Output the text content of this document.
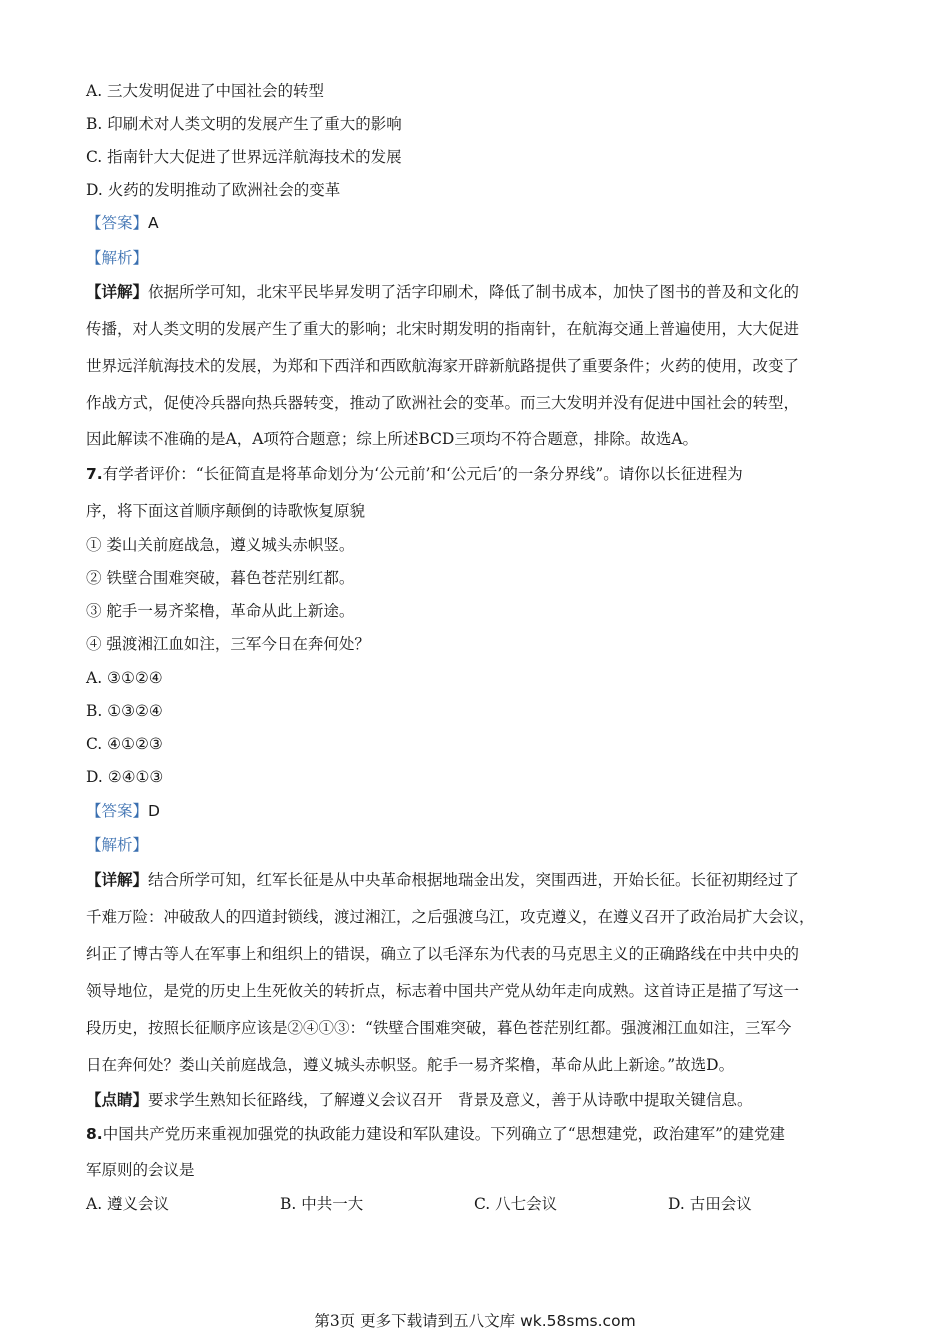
A. 三大发明促进了中国社会的转型
B. 印刷术对人类文明的发展产生了重大的影响
C. 指南针大大促进了世界远洋航海技术的发展
D. 火药的发明推动了欧洲社会的变革
【答案】A
【解析】
【详解】依据所学可知，北宋平民毕昇发明了活字印刷术，降低了制书成本，加快了图书的普及和文化的
传播，对人类文明的发展产生了重大的影响；北宋时期发明的指南针，在航海交通上普遍使用，大大促进
世界远洋航海技术的发展，为郑和下西洋和西欧航海家开辟新航路提供了重要条件；火药的使用，改变了
作战方式，促使冷兵器向热兵器转变，推动了欧洲社会的变革。而三大发明并没有促进中国社会的转型，
因此解读不准确的是A，A项符合题意；综上所述BCD三项均不符合题意，排除。故选A。
7.有学者评价：“长征简直是将革命划分为‘公元前’和‘公元后’的一条分界线”。请你以长征进程为
序，将下面这首顺序颠倒的诗歌恢复原貌
① 娄山关前庭战急，遵义城头赤帜竖。
② 铁壁合围难突破，暮色苍茫别红都。
③ 舵手一易齐桨橹，革命从此上新途。
④ 强渡湘江血如注，三军今日在奔何处？
A. ③①②④
B. ①③②④
C. ④①②③
D. ②④①③
【答案】D
【解析】
【详解】结合所学可知，红军长征是从中央革命根据地瑞金出发，突围西进，开始长征。长征初期经过了
千难万险：冲破敌人的四道封锁线，渡过湘江，之后强渡乌江，攻克遵义，在遵义召开了政治局扩大会议，
纠正了博古等人在军事上和组织上的错误，确立了以毛泽东为代表的马克思主义的正确路线在中共中央的
领导地位，是党的历史上生死攸关的转折点，标志着中国共产党从幼年走向成熟。这首诗正是描了写这一
段历史，按照长征顺序应该是②④①③：“铁壁合围难突破，暮色苍茫别红都。强渡湘江血如注，三军今
日在奔何处？娄山关前庭战急，遵义城头赤帜竖。舵手一易齐桨橹，革命从此上新途。”故选D。
【点睛】要求学生熟知长征路线，了解遵义会议召开　背景及意义，善于从诗歌中提取关键信息。
8.中国共产党历来重视加强党的执政能力建设和军队建设。下列确立了“思想建党，政治建军”的建党建
军原则的会议是
A. 遵义会议	B. 中共一大	C. 八七会议	D. 古田会议
第3页 更多下载请到五八文库 wk.58sms.com
